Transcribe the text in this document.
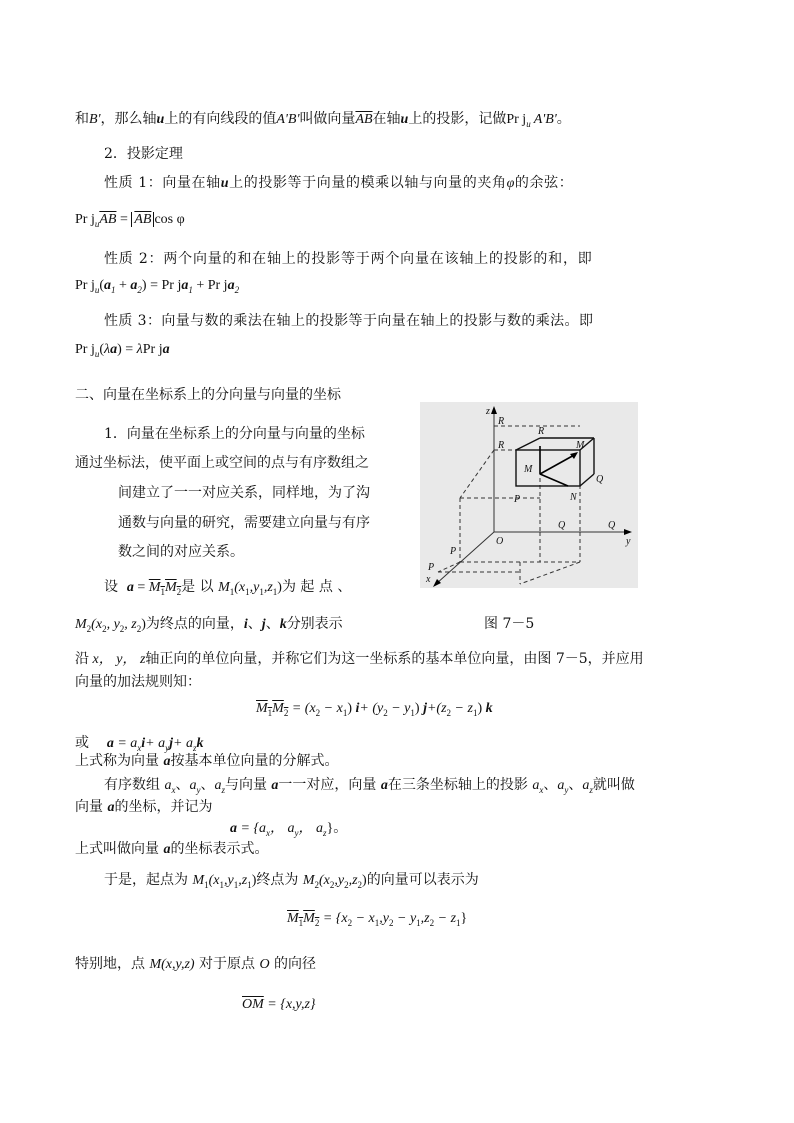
和B'，那么轴u上的有向线段的值A'B'叫做向量$\overline{AB}$在轴u上的投影，记做Pr $j_u$ A'B'。
2．投影定理
性质 1：向量在轴u上的投影等于向量的模乘以轴与向量的夹角φ的余弦：
Pr $j_u\overline{AB} = \overline{AB}$ cos φ
性质 2：两个向量的和在轴上的投影等于两个向量在该轴上的投影的和，即
Pr $j_u(a_1 + a_2) = Pr$ $ja_1 + Pr$ $ja_2$
性质 3：向量与数的乘法在轴上的投影等于向量在轴上的投影与数的乘法。即
Pr $j_u(\lambda a) = \lambda Pr$ ja
二、向量在坐标系上的分向量与向量的坐标
1．向量在坐标系上的分向量与向量的坐标
通过坐标法，使平面上或空间的点与有序数组之
间建立了一一对应关系，同样地，为了沟
通数与向量的研究，需要建立向量与有序
数之间的对应关系。
设 $a = M_1M_2$是 以 $M_1(x_1,y_1,z_1)$为 起 点 、
$M_2(x_2$, $y_2$, $z_2$)为终点的向量，i、j、k分别表示	图 7－5
z
y
x
R
R
R
M
M
Q
P	N
P
P
O
Q	Q
沿 x， y， z轴正向的单位向量，并称它们为这一坐标系的基本单位向量，由图 7－5，并应用
向量的加法规则知：
$M_1M_2 = (x_2 - x_1)$ $i+ (y_2 - y_1) j+(z_2 - z_1)$ k
或 $a = a_xi+ a_yj+ a_zk$
上式称为向量 a按基本单位向量的分解式。
有序数组 $a_x$、$a_y$、$a_z$与向量 a一一对应，向量 a在三条坐标轴上的投影 $a_x$、$a_y$、$a_z$就叫做
向量 a的坐标，并记为
$a = \{a_x$， $a_y$， $a_z$}。
上式叫做向量 a的坐标表示式。
于是，起点为 $M_1(x_1,y_1,z_1)$终点为 $M_2(x_2,y_2,z_2)$的向量可以表示为
$M_1M_2 = \{x_2 - x_1,y_2 - y_1,z_2 - z_1\}$
特别地，点 M(x,y,z) 对于原点 O 的向径
$\overline{OM} = \{x,y,z\}$
